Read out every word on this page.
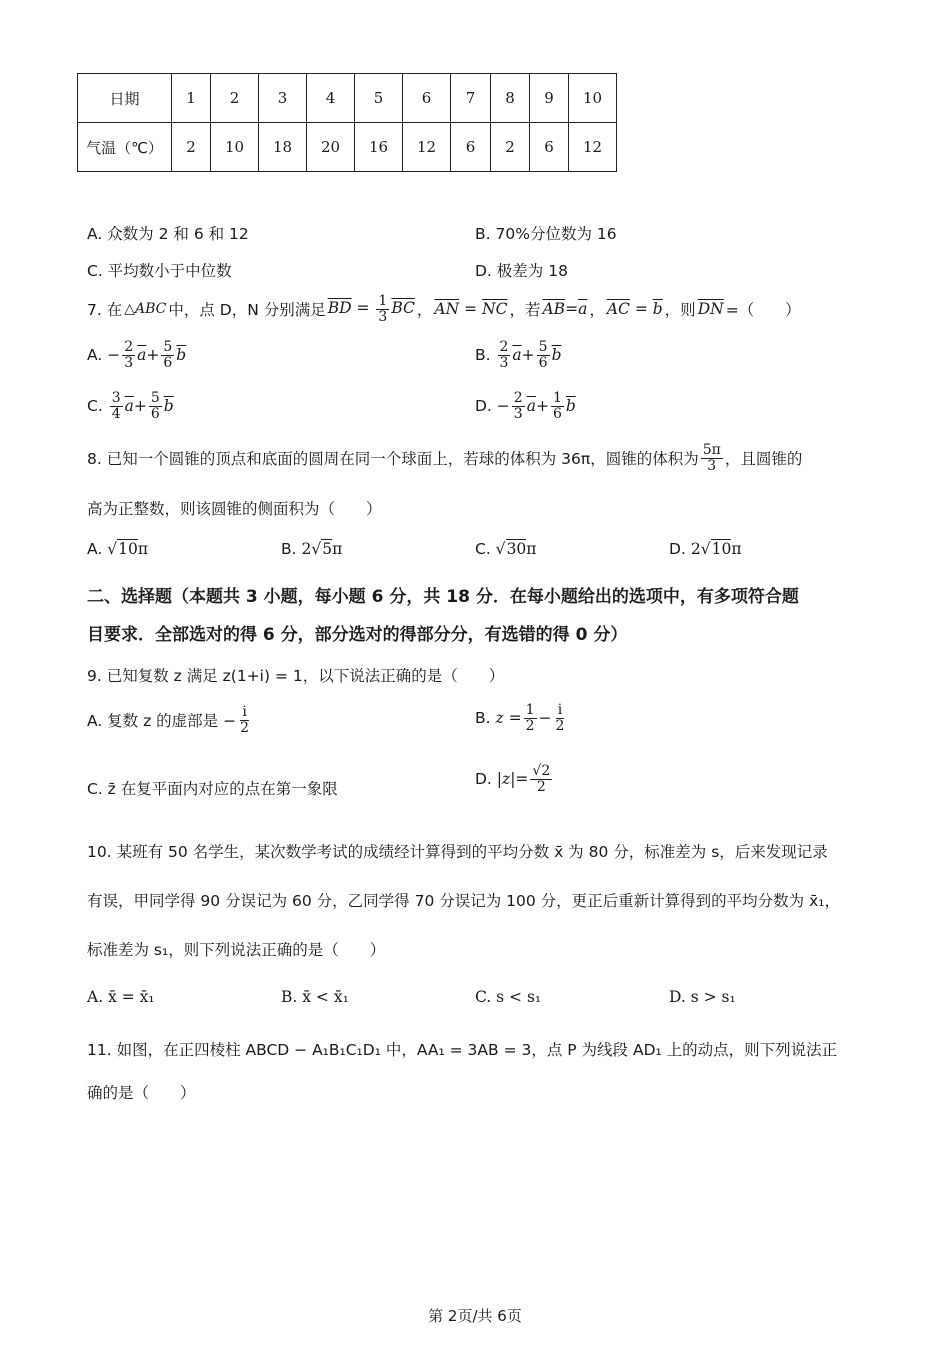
日期	1	2	3	4	5	6	7	8	9	10
气温（℃）	2	10	18	20	16	12	6	2	6	12
A. 众数为 2 和 6 和 12	B. 70%分位数为 16
C. 平均数小于中位数	D. 极差为 18
7. 在 △ABC 中，点 D，N 分别满足 $\overline{BD} = \frac{1}{3} \overline{BC}$ ， $\overline{AN} = \overline{NC}$ ，若 $\overline{AB}=\overline{a}$ ， $\overline{AC} = \overline{b}$ ，则 $\overline{DN}$ =（　　）
A. − $\frac{2}{3} \overline{a} + \frac{5}{6} \overline{b}$	B.
$\frac{2}{3} \overline{a} + \frac{5}{6} \overline{b}$
C.
$\frac{3}{4} \overline{a} + \frac{5}{6} \overline{b}$	D. − $\frac{2}{3} \overline{a} + \frac{1}{6} \overline{b}$
8. 已知一个圆锥的顶点和底面的圆周在同一个球面上，若球的体积为 36π，圆锥的体积为 $\frac{5\pi}{3}$ ，且圆锥的
高为正整数，则该圆锥的侧面积为（　　）
A. √10π	B. 2√5π	C. √30π	D. 2√10π
二、选择题（本题共 3 小题，每小题 6 分，共 18 分．在每小题给出的选项中，有多项符合题
目要求．全部选对的得 6 分，部分选对的得部分分，有选错的得 0 分）
9. 已知复数 z 满足 z(1+i) = 1，以下说法正确的是（　　）
A. 复数 z 的虚部是 − $\frac{i}{2}$	B.
$z = \frac{1}{2} - \frac{i}{2}$
C. z̄ 在复平面内对应的点在第一象限
D. | z |= $\frac{√2}{2}$
10. 某班有 50 名学生，某次数学考试的成绩经计算得到的平均分数 x̄ 为 80 分，标准差为 s，后来发现记录
有误，甲同学得 90 分误记为 60 分，乙同学得 70 分误记为 100 分，更正后重新计算得到的平均分数为 x̄₁，
标准差为 s₁，则下列说法正确的是（　　）
A. x̄ = x̄₁	B. x̄ < x̄₁	C. s < s₁	D. s > s₁
11. 如图，在正四棱柱 ABCD − A₁B₁C₁D₁ 中，AA₁ = 3AB = 3，点 P 为线段 AD₁ 上的动点，则下列说法正
确的是（　　）
第 2页/共 6页
